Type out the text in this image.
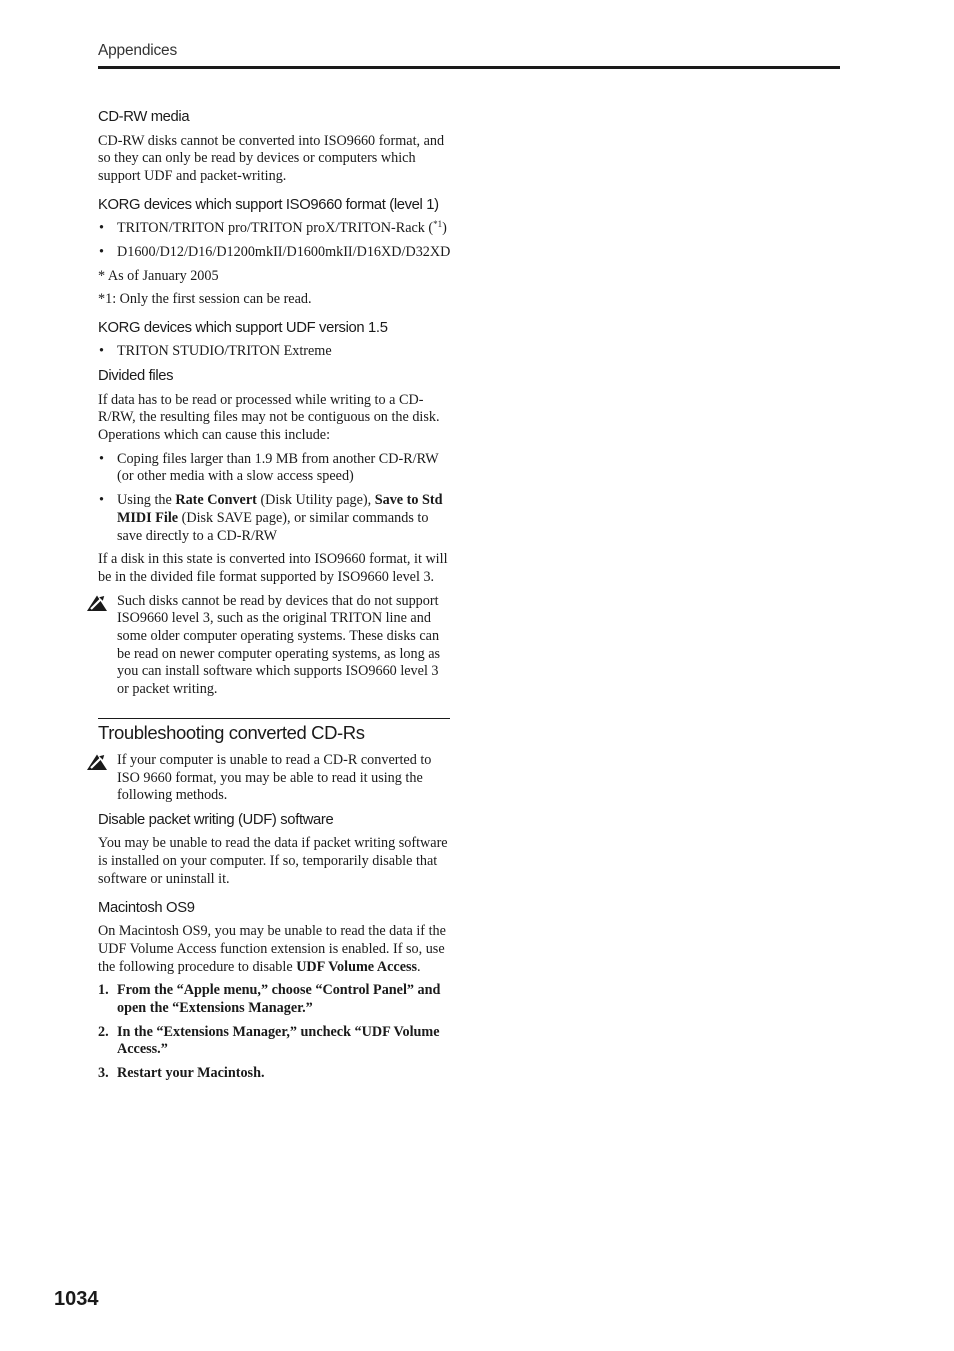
Appendices
CD-RW media
CD-RW disks cannot be converted into ISO9660 format, and so they can only be read by devices or computers which support UDF and packet-writing.
KORG devices which support ISO9660 format (level 1)
• TRITON/TRITON pro/TRITON proX/TRITON-Rack ($^{*1}$)
• D1600/D12/D16/D1200mkII/D1600mkII/D16XD/D32XD
* As of January 2005
*1: Only the first session can be read.
KORG devices which support UDF version 1.5
• TRITON STUDIO/TRITON Extreme
Divided files
If data has to be read or processed while writing to a CD-R/RW, the resulting files may not be contiguous on the disk. Operations which can cause this include:
• Coping files larger than 1.9 MB from another CD-R/RW (or other media with a slow access speed)
• Using the Rate Convert (Disk Utility page), Save to Std MIDI File (Disk SAVE page), or similar commands to save directly to a CD-R/RW
If a disk in this state is converted into ISO9660 format, it will be in the divided file format supported by ISO9660 level 3.
Such disks cannot be read by devices that do not support ISO9660 level 3, such as the original TRITON line and some older computer operating systems. These disks can be read on newer computer operating systems, as long as you can install software which supports ISO9660 level 3 or packet writing.
Troubleshooting converted CD-Rs
If your computer is unable to read a CD-R converted to ISO 9660 format, you may be able to read it using the following methods.
Disable packet writing (UDF) software
You may be unable to read the data if packet writing software is installed on your computer. If so, temporarily disable that software or uninstall it.
Macintosh OS9
On Macintosh OS9, you may be unable to read the data if the UDF Volume Access function extension is enabled. If so, use the following procedure to disable UDF Volume Access.
1. From the “Apple menu,” choose “Control Panel” and open the “Extensions Manager.”
2. In the “Extensions Manager,” uncheck “UDF Volume Access.”
3. Restart your Macintosh.
1034
